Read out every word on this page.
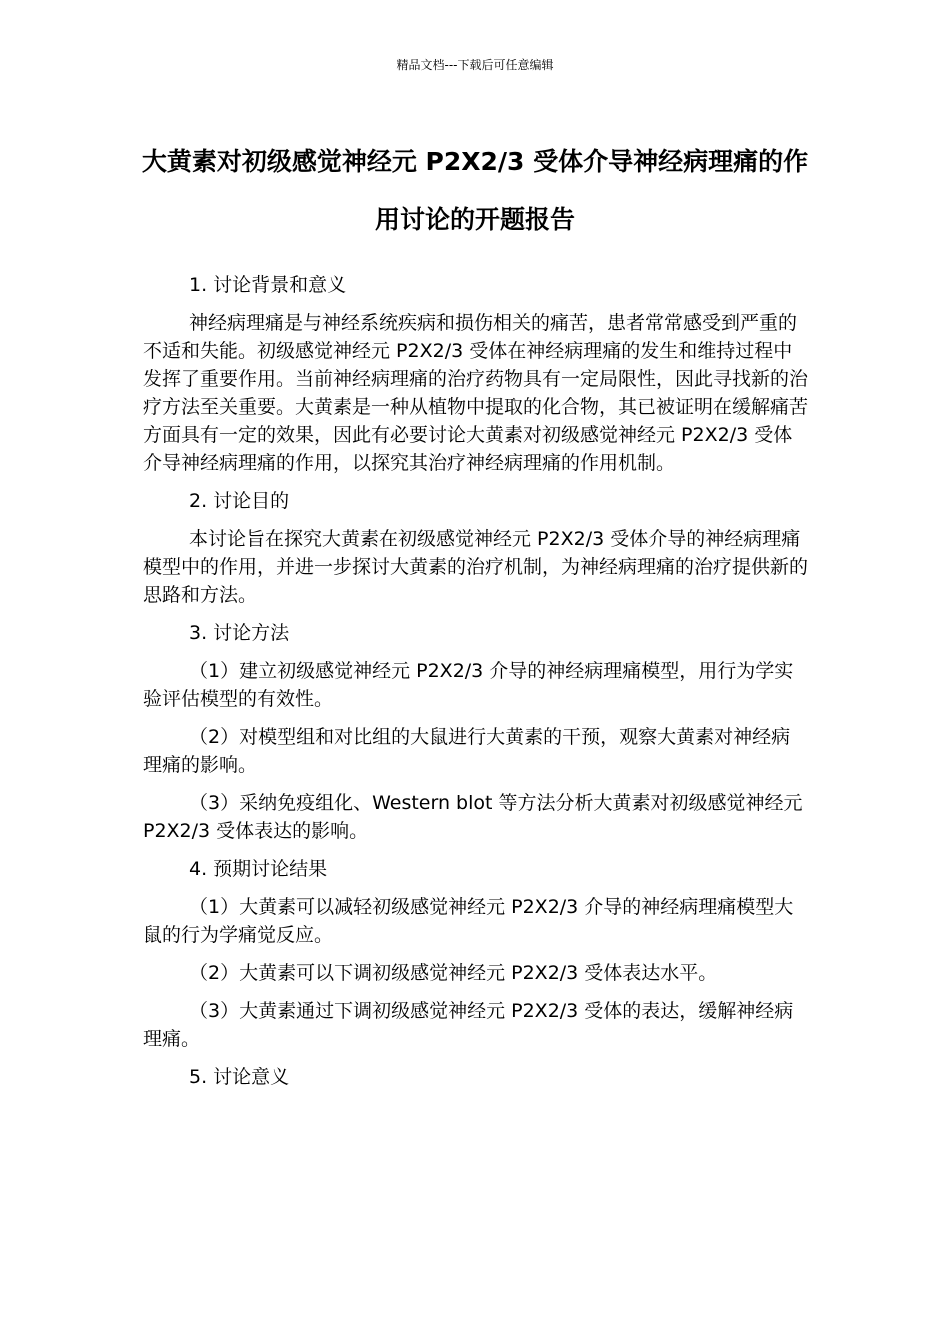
精品文档---下载后可任意编辑
大黄素对初级感觉神经元 P2X2/3 受体介导神经病理痛的作用讨论的开题报告

1. 讨论背景和意义

神经病理痛是与神经系统疾病和损伤相关的痛苦，患者常常感受到严重的不适和失能。初级感觉神经元 P2X2/3 受体在神经病理痛的发生和维持过程中发挥了重要作用。当前神经病理痛的治疗药物具有一定局限性，因此寻找新的治疗方法至关重要。大黄素是一种从植物中提取的化合物，其已被证明在缓解痛苦方面具有一定的效果，因此有必要讨论大黄素对初级感觉神经元 P2X2/3 受体介导神经病理痛的作用，以探究其治疗神经病理痛的作用机制。

2. 讨论目的

本讨论旨在探究大黄素在初级感觉神经元 P2X2/3 受体介导的神经病理痛模型中的作用，并进一步探讨大黄素的治疗机制，为神经病理痛的治疗提供新的思路和方法。

3. 讨论方法

（1）建立初级感觉神经元 P2X2/3 介导的神经病理痛模型，用行为学实验评估模型的有效性。

（2）对模型组和对比组的大鼠进行大黄素的干预，观察大黄素对神经病理痛的影响。

（3）采纳免疫组化、Western blot 等方法分析大黄素对初级感觉神经元 P2X2/3 受体表达的影响。

4. 预期讨论结果

（1）大黄素可以减轻初级感觉神经元 P2X2/3 介导的神经病理痛模型大鼠的行为学痛觉反应。

（2）大黄素可以下调初级感觉神经元 P2X2/3 受体表达水平。

（3）大黄素通过下调初级感觉神经元 P2X2/3 受体的表达，缓解神经病理痛。

5. 讨论意义
